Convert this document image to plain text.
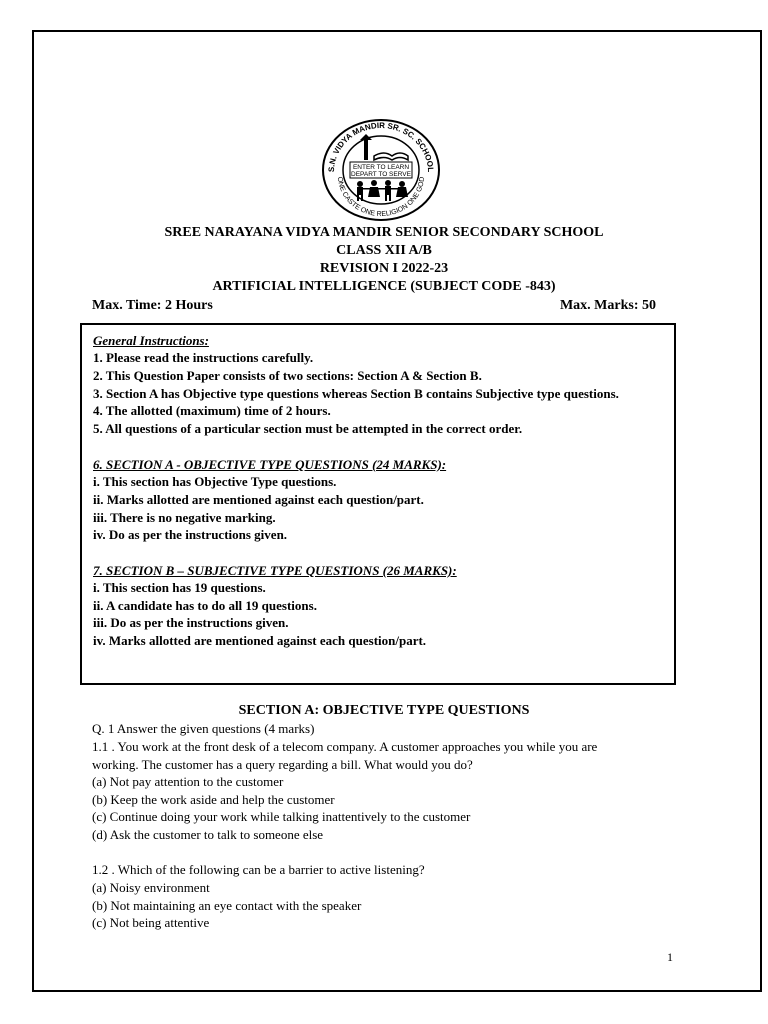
S.N. VIDYA MANDIR SR. SC. SCHOOL
ONE CASTE ONE RELIGION ONE GOD
ENTER TO LEARN
DEPART TO SERVE
SREE NARAYANA VIDYA MANDIR SENIOR SECONDARY SCHOOL
CLASS XII A/B
REVISION I 2022-23
ARTIFICIAL INTELLIGENCE (SUBJECT CODE -843)
Max. Time: 2 Hours	Max. Marks: 50
General Instructions:
1. Please read the instructions carefully.
2. This Question Paper consists of two sections: Section A & Section B.
3. Section A has Objective type questions whereas Section B contains Subjective type questions.
4. The allotted (maximum) time of 2 hours.
5. All questions of a particular section must be attempted in the correct order.
6. SECTION A - OBJECTIVE TYPE QUESTIONS (24 MARKS):
i. This section has Objective Type questions.
ii. Marks allotted are mentioned against each question/part.
iii. There is no negative marking.
iv. Do as per the instructions given.
7. SECTION B – SUBJECTIVE TYPE QUESTIONS (26 MARKS):
i. This section has 19 questions.
ii. A candidate has to do all 19 questions.
iii. Do as per the instructions given.
iv. Marks allotted are mentioned against each question/part.
SECTION A: OBJECTIVE TYPE QUESTIONS
Q. 1 Answer the given questions (4 marks)
1.1 . You work at the front desk of a telecom company. A customer approaches you while you are
working. The customer has a query regarding a bill. What would you do?
(a) Not pay attention to the customer
(b) Keep the work aside and help the customer
(c) Continue doing your work while talking inattentively to the customer
(d) Ask the customer to talk to someone else
1.2 . Which of the following can be a barrier to active listening?
(a) Noisy environment
(b) Not maintaining an eye contact with the speaker
(c) Not being attentive
1
